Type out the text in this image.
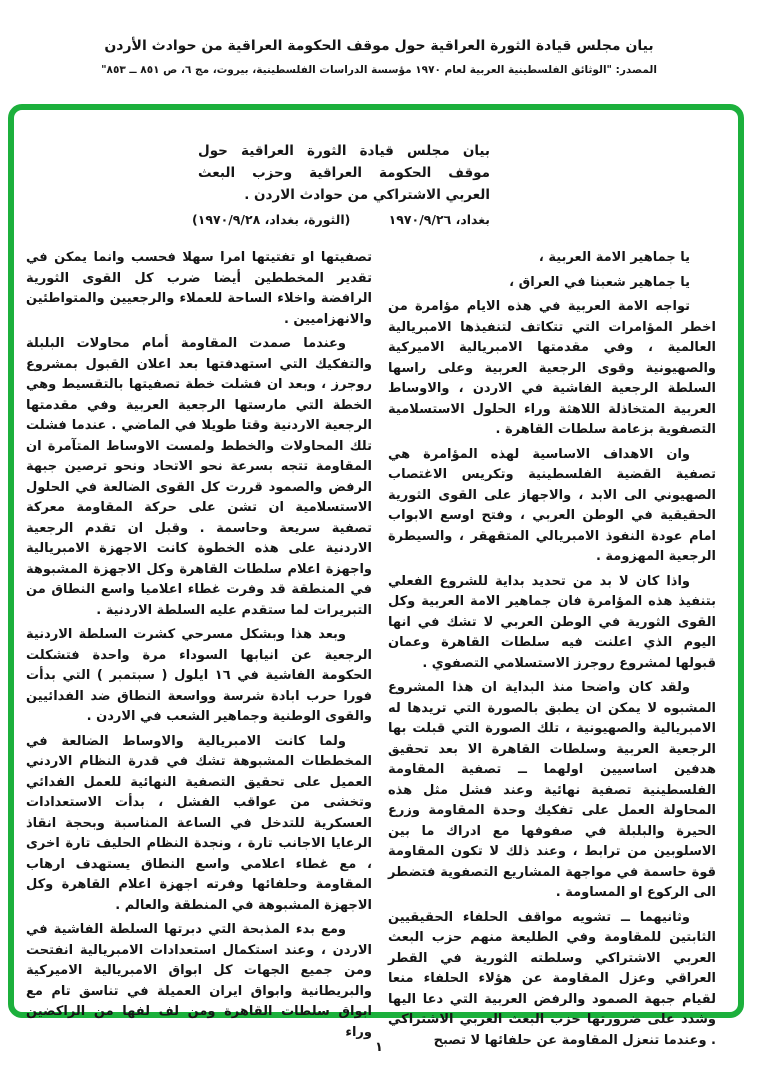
بيان مجلس قيادة الثورة العراقية حول موقف الحكومة العراقية من حوادث الأردن
المصدر: "الوثائق الفلسطينية العربية لعام ١٩٧٠ مؤسسة الدراسات الفلسطينية، بيروت، مج ٦، ص ٨٥١ ــ ٨٥٣"
بيان مجلس قيادة الثورة العراقية حول موقف الحكومة العراقية وحزب البعث العربي الاشتراكي من حوادث الاردن .
بغداد، ١٩٧٠/٩/٢٦
(الثورة، بغداد، ١٩٧٠/٩/٢٨)

يا جماهير الامة العربية ،

يا جماهير شعبنا في العراق ،

تواجه الامة العربية في هذه الايام مؤامرة من اخطر المؤامرات التي تتكاتف لتنفيذها الامبريالية العالمية ، وفي مقدمتها الامبريالية الاميركية والصهيونية وقوى الرجعية العربية وعلى راسها السلطة الرجعية الفاشية في الاردن ، والاوساط العربية المتخاذلة اللاهثة وراء الحلول الاستسلامية التصفوية بزعامة سلطات القاهرة .

وان الاهداف الاساسية لهذه المؤامرة هي تصفية القضية الفلسطينية وتكريس الاغتصاب الصهيوني الى الابد ، والاجهاز على القوى الثورية الحقيقية في الوطن العربي ، وفتح اوسع الابواب امام عودة النفوذ الامبريالي المتقهقر ، والسيطرة الرجعية المهزومة .

واذا كان لا بد من تحديد بداية للشروع الفعلي بتنفيذ هذه المؤامرة فان جماهير الامة العربية وكل القوى الثورية في الوطن العربي لا تشك في انها اليوم الذي اعلنت فيه سلطات القاهرة وعمان قبولها لمشروع روجرز الاستسلامي التصفوي .

ولقد كان واضحا منذ البداية ان هذا المشروع المشبوه لا يمكن ان يطبق بالصورة التي تريدها له الامبريالية والصهيونية ، تلك الصورة التي قبلت بها الرجعية العربية وسلطات القاهرة الا بعد تحقيق هدفين اساسيين اولهما ــ تصفية المقاومة الفلسطينية تصفية نهائية وعند فشل مثل هذه المحاولة العمل على تفكيك وحدة المقاومة وزرع الحيرة والبلبلة في صفوفها مع ادراك ما بين الاسلوبين من ترابط ، وعند ذلك لا تكون المقاومة قوة حاسمة في مواجهة المشاريع التصفوية فتضطر الى الركوع او المساومة .

وثانيهما ــ تشويه مواقف الحلفاء الحقيقيين الثابتين للمقاومة وفي الطليعة منهم حزب البعث العربي الاشتراكي وسلطته الثورية في القطر العراقي وعزل المقاومة عن هؤلاء الحلفاء منعا لقيام جبهة الصمود والرفض العربية التي دعا اليها وشدد على ضرورتها حزب البعث العربي الاشتراكي . وعندما تنعزل المقاومة عن حلفائها لا تصبح

تصفيتها او تفتيتها امرا سهلا فحسب وانما يمكن في تقدير المخططين أيضا ضرب كل القوى الثورية الرافضة واخلاء الساحة للعملاء والرجعيين والمتواطئين والانهزاميين .

وعندما صمدت المقاومة أمام محاولات البلبلة والتفكيك التي استهدفتها بعد اعلان القبول بمشروع روجرز ، وبعد ان فشلت خطة تصفيتها بالتقسيط وهي الخطة التي مارستها الرجعية العربية وفي مقدمتها الرجعية الاردنية وقتا طويلا في الماضي . عندما فشلت تلك المحاولات والخطط ولمست الاوساط المتآمرة ان المقاومة تتجه بسرعة نحو الاتحاد ونحو ترصين جبهة الرفض والصمود قررت كل القوى الضالعة في الحلول الاستسلامية ان تشن على حركة المقاومة معركة تصفية سريعة وحاسمة . وقبل ان تقدم الرجعية الاردنية على هذه الخطوة كانت الاجهزة الامبريالية واجهزة اعلام سلطات القاهرة وكل الاجهزة المشبوهة في المنطقة قد وفرت غطاء اعلاميا واسع النطاق من التبريرات لما ستقدم عليه السلطة الاردنية .

وبعد هذا وبشكل مسرحي كشرت السلطة الاردنية الرجعية عن انيابها السوداء مرة واحدة فتشكلت الحكومة الفاشية في ١٦ ايلول ( سبتمبر ) التي بدأت فورا حرب ابادة شرسة وواسعة النطاق ضد الفدائيين والقوى الوطنية وجماهير الشعب في الاردن .

ولما كانت الامبريالية والاوساط الضالعة في المخططات المشبوهة تشك في قدرة النظام الاردني العميل على تحقيق التصفية النهائية للعمل الفدائي وتخشى من عواقب الفشل ، بدأت الاستعدادات العسكرية للتدخل في الساعة المناسبة وبحجة انقاذ الرعايا الاجانب تارة ، ونجدة النظام الحليف تارة اخرى ، مع غطاء اعلامي واسع النطاق يستهدف ارهاب المقاومة وحلفائها وفرته اجهزة اعلام القاهرة وكل الاجهزة المشبوهة في المنطقة والعالم .

ومع بدء المذبحة التي دبرتها السلطة الفاشية في الاردن ، وعند استكمال استعدادات الامبريالية انفتحت ومن جميع الجهات كل ابواق الامبريالية الاميركية والبريطانية وابواق ايران العميلة في تناسق تام مع ابواق سلطات القاهرة ومن لف لفها من الراكضين وراء

١
